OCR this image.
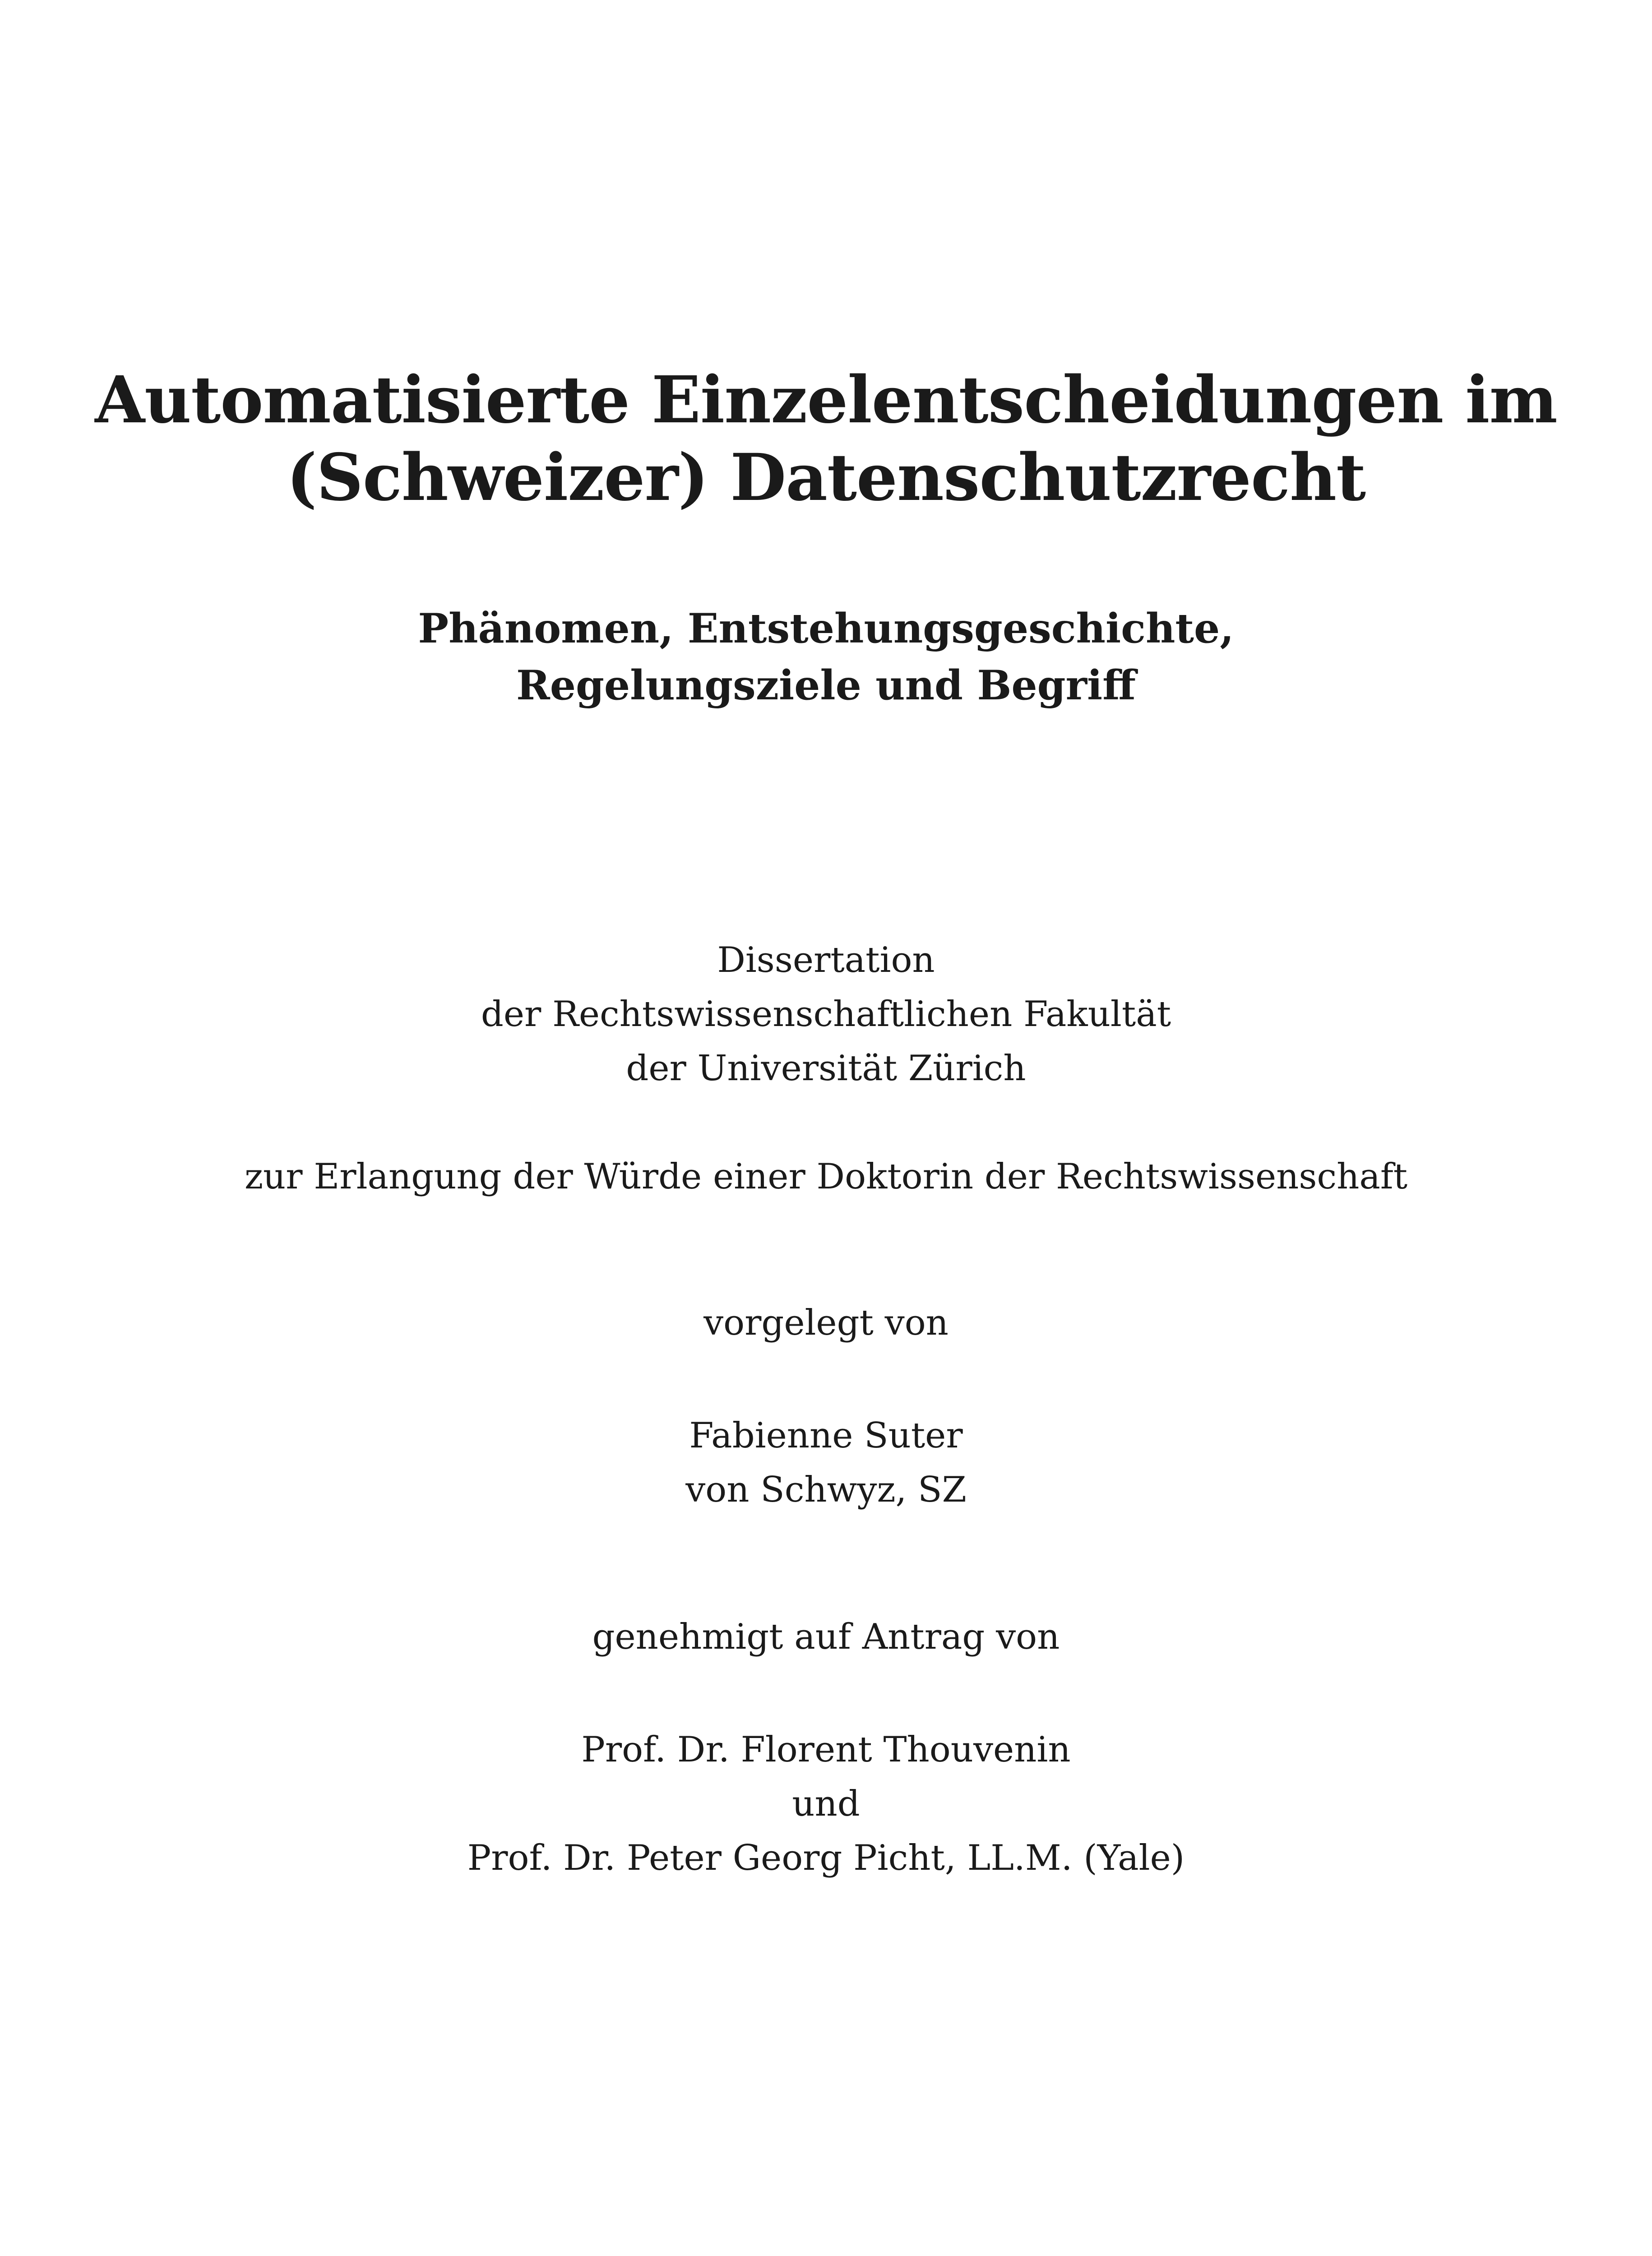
Automatisierte Einzelentscheidungen im
(Schweizer) Datenschutzrecht
Phänomen, Entstehungsgeschichte,
Regelungsziele und Begriff
Dissertation
der Rechtswissenschaftlichen Fakultät
der Universität Zürich
zur Erlangung der Würde einer Doktorin der Rechtswissenschaft
vorgelegt von
Fabienne Suter
von Schwyz, SZ
genehmigt auf Antrag von
Prof. Dr. Florent Thouvenin
und
Prof. Dr. Peter Georg Picht, LL.M. (Yale)
